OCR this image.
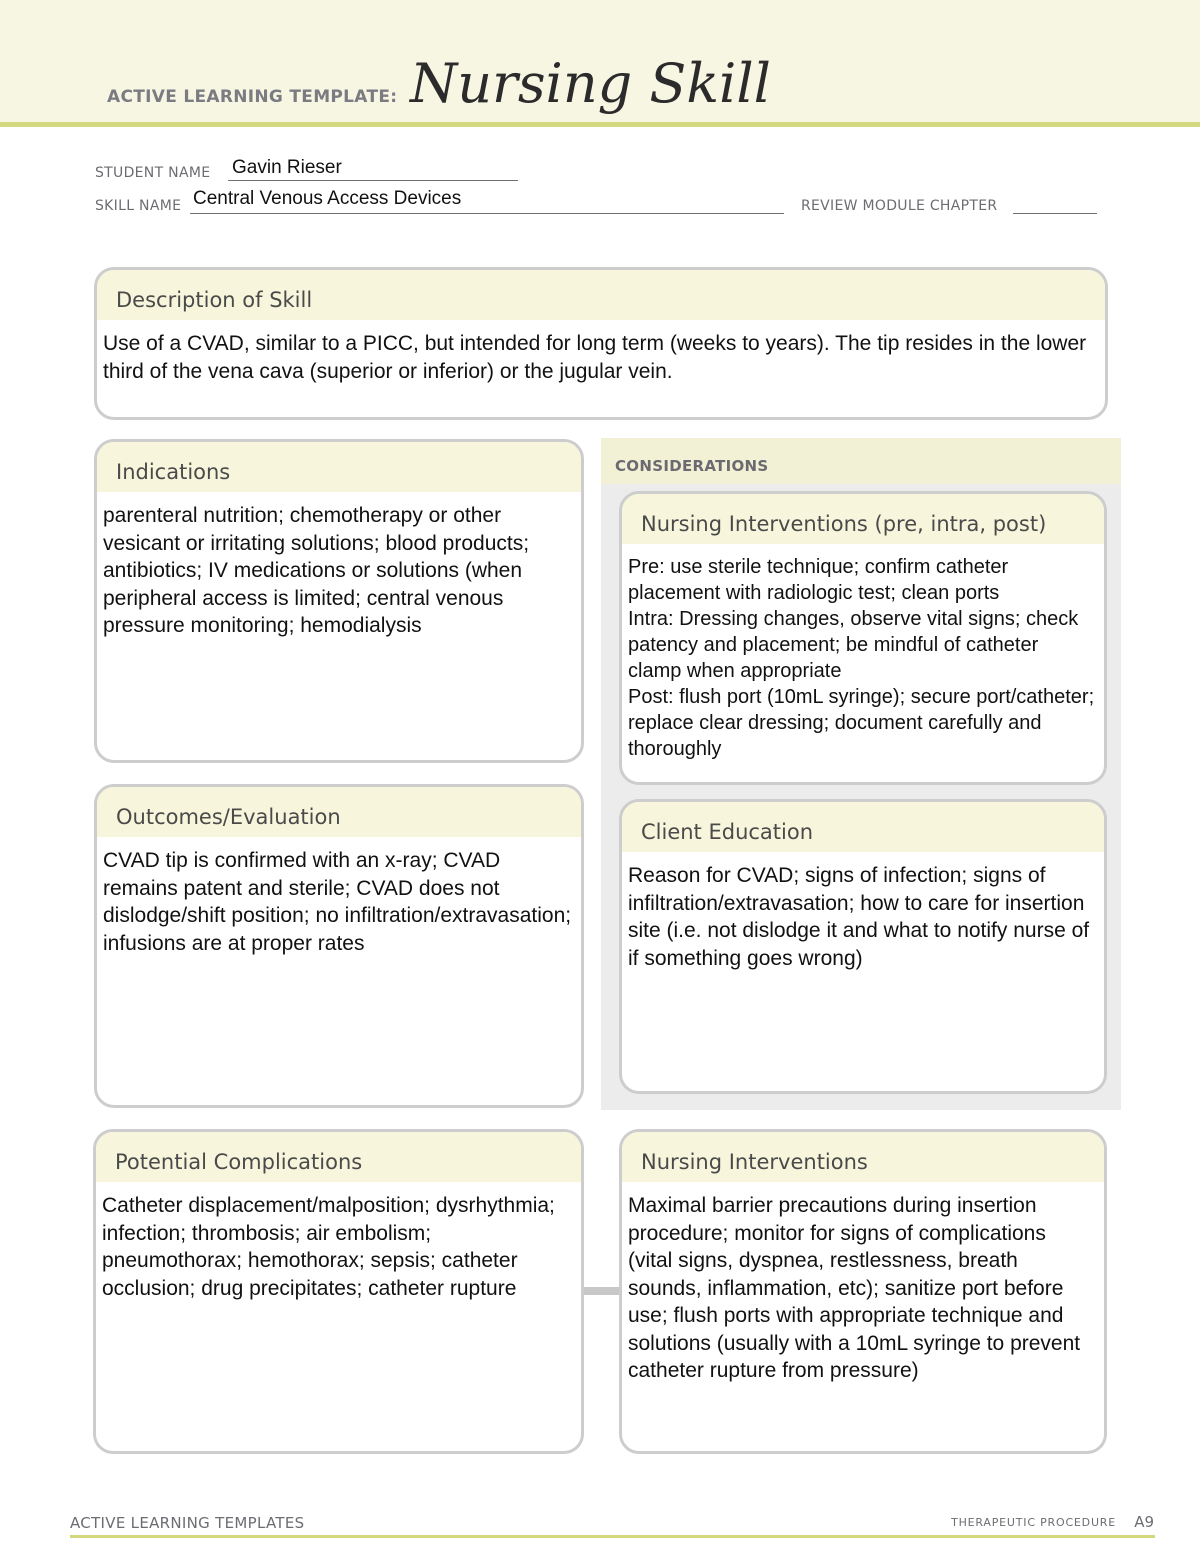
ACTIVE LEARNING TEMPLATE: Nursing Skill
STUDENT NAME Gavin Rieser
SKILL NAME Central Venous Access Devices	REVIEW MODULE CHAPTER
Description of Skill

Use of a CVAD, similar to a PICC, but intended for long term (weeks to years). The tip resides in the lower third of the vena cava (superior or inferior) or the jugular vein.

CONSIDERATIONS
Indications

parenteral nutrition; chemotherapy or other vesicant or irritating solutions; blood products; antibiotics; IV medications or solutions (when peripheral access is limited; central venous pressure monitoring; hemodialysis

Nursing Interventions (pre, intra, post)

Pre: use sterile technique; confirm catheter placement with radiologic test; clean ports

Intra: Dressing changes, observe vital signs; check patency and placement; be mindful of catheter clamp when appropriate

Post: flush port (10mL syringe); secure port/catheter; replace clear dressing; document carefully and thoroughly

Outcomes/Evaluation

CVAD tip is confirmed with an x-ray; CVAD remains patent and sterile; CVAD does not dislodge/shift position; no infiltration/extravasation; infusions are at proper rates

Client Education

Reason for CVAD; signs of infection; signs of infiltration/extravasation; how to care for insertion site (i.e. not dislodge it and what to notify nurse of if something goes wrong)

Potential Complications

Catheter displacement/malposition; dysrhythmia; infection; thrombosis; air embolism; pneumothorax; hemothorax; sepsis; catheter occlusion; drug precipitates; catheter rupture

Nursing Interventions

Maximal barrier precautions during insertion procedure; monitor for signs of complications (vital signs, dyspnea, restlessness, breath sounds, inflammation, etc); sanitize port before use; flush ports with appropriate technique and solutions (usually with a 10mL syringe to prevent catheter rupture from pressure)

ACTIVE LEARNING TEMPLATES	THERAPEUTIC PROCEDURE A9
